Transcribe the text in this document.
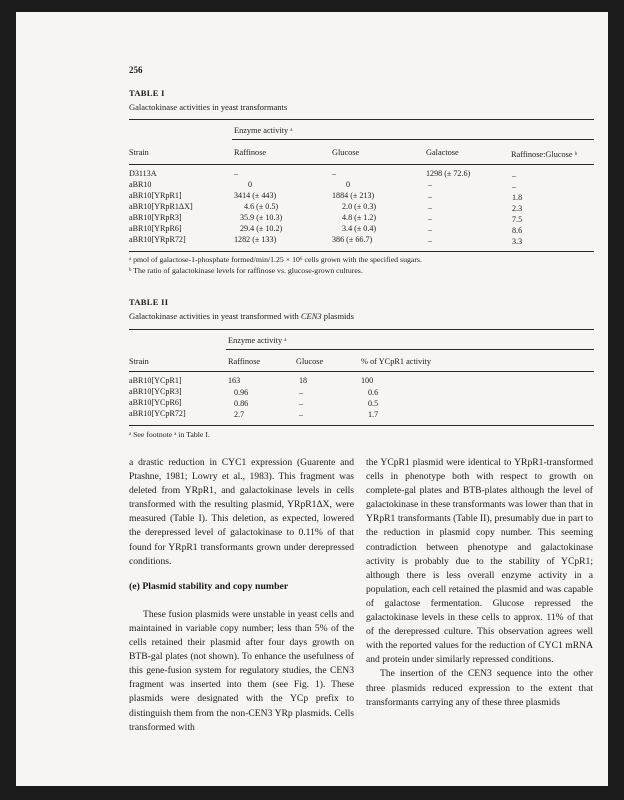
256
TABLE I
Galactokinase activities in yeast transformants
Enzyme activity ᵃ
Strain	Raffinose	Glucose	Galactose	Raffinose:Glucose ᵇ
D3113A	–	–	1298 (± 72.6)	–
aBR10	0	0	–	–
aBR10[YRpR1]	3414 (± 443)	1884 (± 213)	–	1.8
aBR10[YRpR1ΔX]	4.6 (± 0.5)	2.0 (± 0.3)	–	2.3
aBR10[YRpR3]	35.9 (± 10.3)	4.8 (± 1.2)	–	7.5
aBR10[YRpR6]	29.4 (± 10.2)	3.4 (± 0.4)	–	8.6
aBR10[YRpR72]	1282 (± 133)	386 (± 66.7)	–	3.3
ᵃ pmol of galactose-1-phosphate formed/min/1.25 × 10⁶ cells grown with the specified sugars.
ᵇ The ratio of galactokinase levels for raffinose vs. glucose-grown cultures.
TABLE II
Galactokinase activities in yeast transformed with CEN3 plasmids
Enzyme activity ᵃ
Strain	Raffinose	Glucose	% of YCpR1 activity
aBR10[YCpR1]	163	18	100
aBR10[YCpR3]	0.96	–	0.6
aBR10[YCpR6]	0.86	–	0.5
aBR10[YCpR72]	2.7	–	1.7
ᵃ See footnote ᵃ in Table I.

a drastic reduction in CYC1 expression (Guarente and Ptashne, 1981; Lowry et al., 1983). This fragment was deleted from YRpR1, and galactokinase levels in cells transformed with the resulting plasmid, YRpR1ΔX, were measured (Table I). This deletion, as expected, lowered the derepressed level of galactokinase to 0.11% of that found for YRpR1 transformants grown under derepressed conditions.

(e) Plasmid stability and copy number

These fusion plasmids were unstable in yeast cells and maintained in variable copy number; less than 5% of the cells retained their plasmid after four days growth on BTB-gal plates (not shown). To enhance the usefulness of this gene-fusion system for regulatory studies, the CEN3 fragment was inserted into them (see Fig. 1). These plasmids were designated with the YCp prefix to distinguish them from the non-CEN3 YRp plasmids. Cells transformed with

the YCpR1 plasmid were identical to YRpR1-transformed cells in phenotype both with respect to growth on complete-gal plates and BTB-plates although the level of galactokinase in these transformants was lower than that in YRpR1 transformants (Table II), presumably due in part to the reduction in plasmid copy number. This seeming contradiction between phenotype and galactokinase activity is probably due to the stability of YCpR1; although there is less overall enzyme activity in a population, each cell retained the plasmid and was capable of galactose fermentation. Glucose repressed the galactokinase levels in these cells to approx. 11% of that of the derepressed culture. This observation agrees well with the reported values for the reduction of CYC1 mRNA and protein under similarly repressed conditions.

The insertion of the CEN3 sequence into the other three plasmids reduced expression to the extent that transformants carrying any of these three plasmids
